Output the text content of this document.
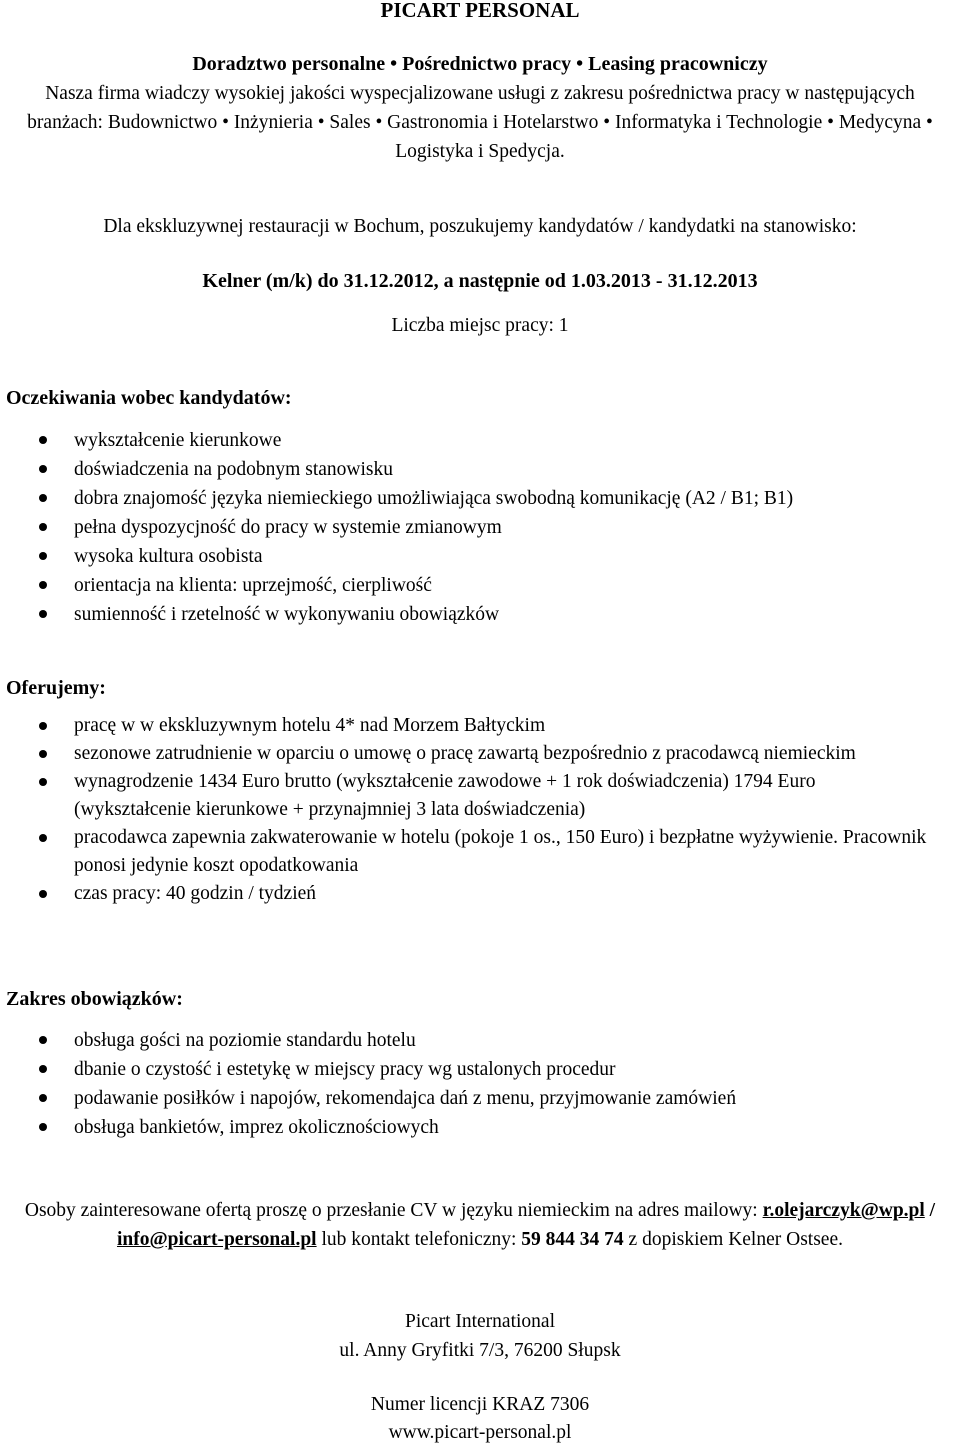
PICART PERSONAL
Doradztwo personalne • Pośrednictwo pracy • Leasing pracowniczy
Nasza firma wiadczy wysokiej jakości wyspecjalizowane usługi z zakresu pośrednictwa pracy w następujących branżach: Budownictwo • Inżynieria • Sales • Gastronomia i Hotelarstwo • Informatyka i Technologie • Medycyna • Logistyka i Spedycja.
Dla ekskluzywnej restauracji w Bochum, poszukujemy kandydatów / kandydatki na stanowisko:
Kelner (m/k) do 31.12.2012, a następnie od 1.03.2013 - 31.12.2013
Liczba miejsc pracy: 1
Oczekiwania wobec kandydatów:
wykształcenie kierunkowe
doświadczenia na podobnym stanowisku
dobra znajomość języka niemieckiego umożliwiająca swobodną komunikację (A2 / B1; B1)
pełna dyspozycjność do pracy w systemie zmianowym
wysoka kultura osobista
orientacja na klienta: uprzejmość, cierpliwość
sumienność i rzetelność w wykonywaniu obowiązków
Oferujemy:
pracę w w ekskluzywnym hotelu 4* nad Morzem Bałtyckim
sezonowe zatrudnienie w oparciu o umowę o pracę zawartą bezpośrednio z pracodawcą niemieckim
wynagrodzenie 1434 Euro brutto (wykształcenie zawodowe + 1 rok doświadczenia) 1794 Euro (wykształcenie kierunkowe + przynajmniej 3 lata doświadczenia)
pracodawca zapewnia zakwaterowanie w hotelu (pokoje 1 os., 150 Euro) i bezpłatne wyżywienie. Pracownik ponosi jedynie koszt opodatkowania
czas pracy: 40 godzin / tydzień
Zakres obowiązków:
obsługa gości na poziomie standardu hotelu
dbanie o czystość i estetykę w miejscy pracy wg ustalonych procedur
podawanie posiłków i napojów, rekomendajca dań z menu, przyjmowanie zamówień
obsługa bankietów, imprez okolicznościowych
Osoby zainteresowane ofertą proszę o przesłanie CV w języku niemieckim na adres mailowy: r.olejarczyk@wp.pl / info@picart-personal.pl lub kontakt telefoniczny: 59 844 34 74 z dopiskiem Kelner Ostsee.
Picart International
ul. Anny Gryfitki 7/3, 76200 Słupsk
Numer licencji KRAZ 7306
www.picart-personal.pl
